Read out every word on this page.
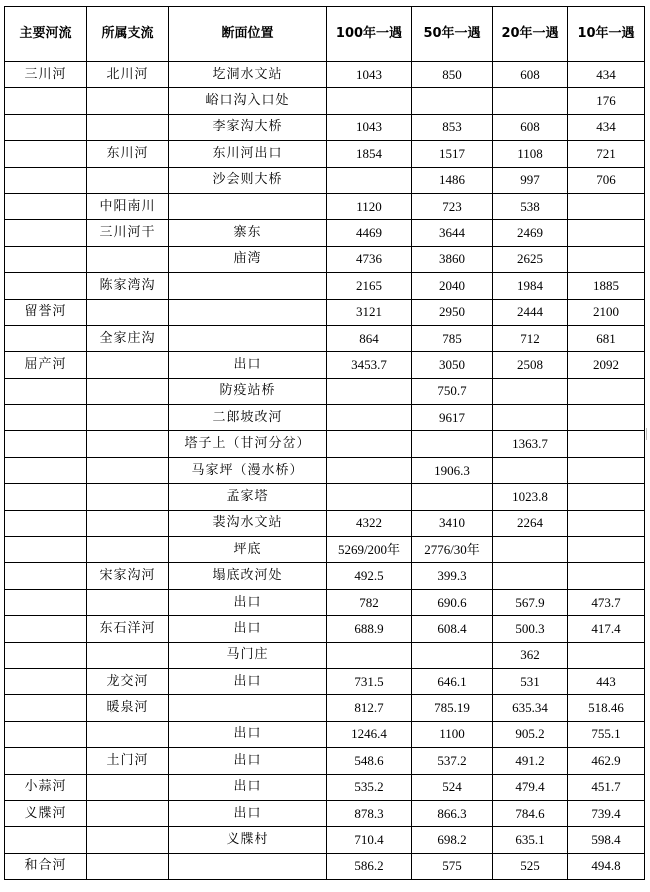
主要河流	所属支流	断面位置	100年一遇	50年一遇	20年一遇	10年一遇
三川河	北川河	圪洞水文站	1043	850	608	434
		峪口沟入口处				176
		李家沟大桥	1043	853	608	434
	东川河	东川河出口	1854	1517	1108	721
		沙会则大桥		1486	997	706
	中阳南川		1120	723	538	
	三川河干	寨东	4469	3644	2469	
		庙湾	4736	3860	2625	
	陈家湾沟		2165	2040	1984	1885
留誉河			3121	2950	2444	2100
	全家庄沟		864	785	712	681
屈产河		出口	3453.7	3050	2508	2092
		防疫站桥		750.7		
		二郎坡改河		9617		
		塔子上（甘河分岔）			1363.7	
		马家坪（漫水桥）		1906.3		
		孟家塔			1023.8	
		裴沟水文站	4322	3410	2264	
		坪底	5269/200年	2776/30年		
	宋家沟河	塌底改河处	492.5	399.3		
		出口	782	690.6	567.9	473.7
	东石洋河	出口	688.9	608.4	500.3	417.4
		马门庄			362	
	龙交河	出口	731.5	646.1	531	443
	暖泉河		812.7	785.19	635.34	518.46
		出口	1246.4	1100	905.2	755.1
	土门河	出口	548.6	537.2	491.2	462.9
小蒜河		出口	535.2	524	479.4	451.7
义牒河		出口	878.3	866.3	784.6	739.4
		义牒村	710.4	698.2	635.1	598.4
和合河			586.2	575	525	494.8
